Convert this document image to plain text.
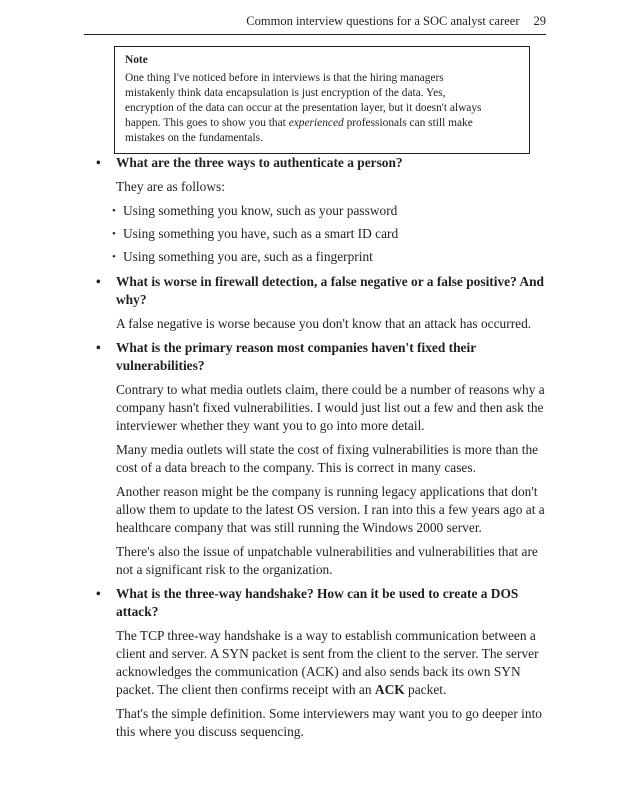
Common interview questions for a SOC analyst career 29
Note
One thing I've noticed before in interviews is that the hiring managers
mistakenly think data encapsulation is just encryption of the data. Yes,
encryption of the data can occur at the presentation layer, but it doesn't always
happen. This goes to show you that experienced professionals can still make
mistakes on the fundamentals.
• What are the three ways to authenticate a person?
They are as follows:
• Using something you know, such as your password
• Using something you have, such as a smart ID card
• Using something you are, such as a fingerprint
• What is worse in firewall detection, a false negative or a false positive? And why?
A false negative is worse because you don't know that an attack has occurred.
• What is the primary reason most companies haven't fixed their vulnerabilities?
Contrary to what media outlets claim, there could be a number of reasons why a company hasn't fixed vulnerabilities. I would just list out a few and then ask the interviewer whether they want you to go into more detail.
Many media outlets will state the cost of fixing vulnerabilities is more than the cost of a data breach to the company. This is correct in many cases.
Another reason might be the company is running legacy applications that don't allow them to update to the latest OS version. I ran into this a few years ago at a healthcare company that was still running the Windows 2000 server.
There's also the issue of unpatchable vulnerabilities and vulnerabilities that are not a significant risk to the organization.
• What is the three-way handshake? How can it be used to create a DOS attack?
The TCP three-way handshake is a way to establish communication between a client and server. A SYN packet is sent from the client to the server. The server acknowledges the communication (ACK) and also sends back its own SYN packet. The client then confirms receipt with an ACK packet.
That's the simple definition. Some interviewers may want you to go deeper into this where you discuss sequencing.
